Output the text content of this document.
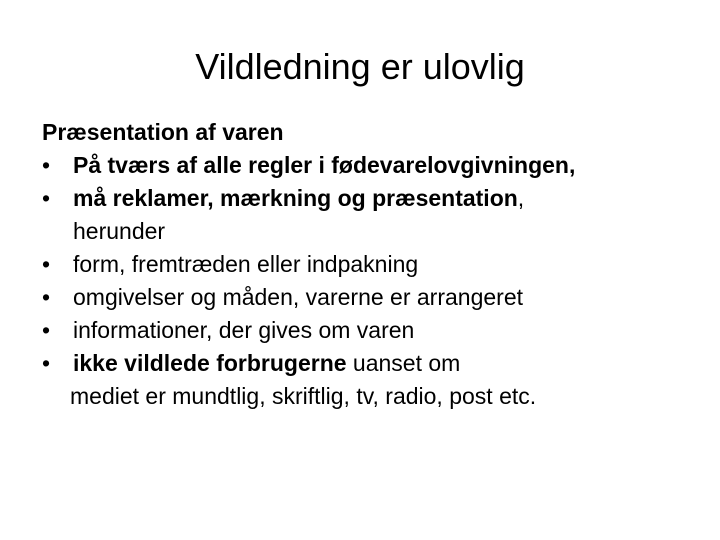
Vildledning er ulovlig
Præsentation af varen
• På tværs af alle regler i fødevarelovgivningen,
• må reklamer, mærkning og præsentation,
herunder
• form, fremtræden eller indpakning
• omgivelser og måden, varerne er arrangeret
• informationer, der gives om varen
• ikke vildlede forbrugerne uanset om
mediet er mundtlig, skriftlig, tv, radio, post etc.
